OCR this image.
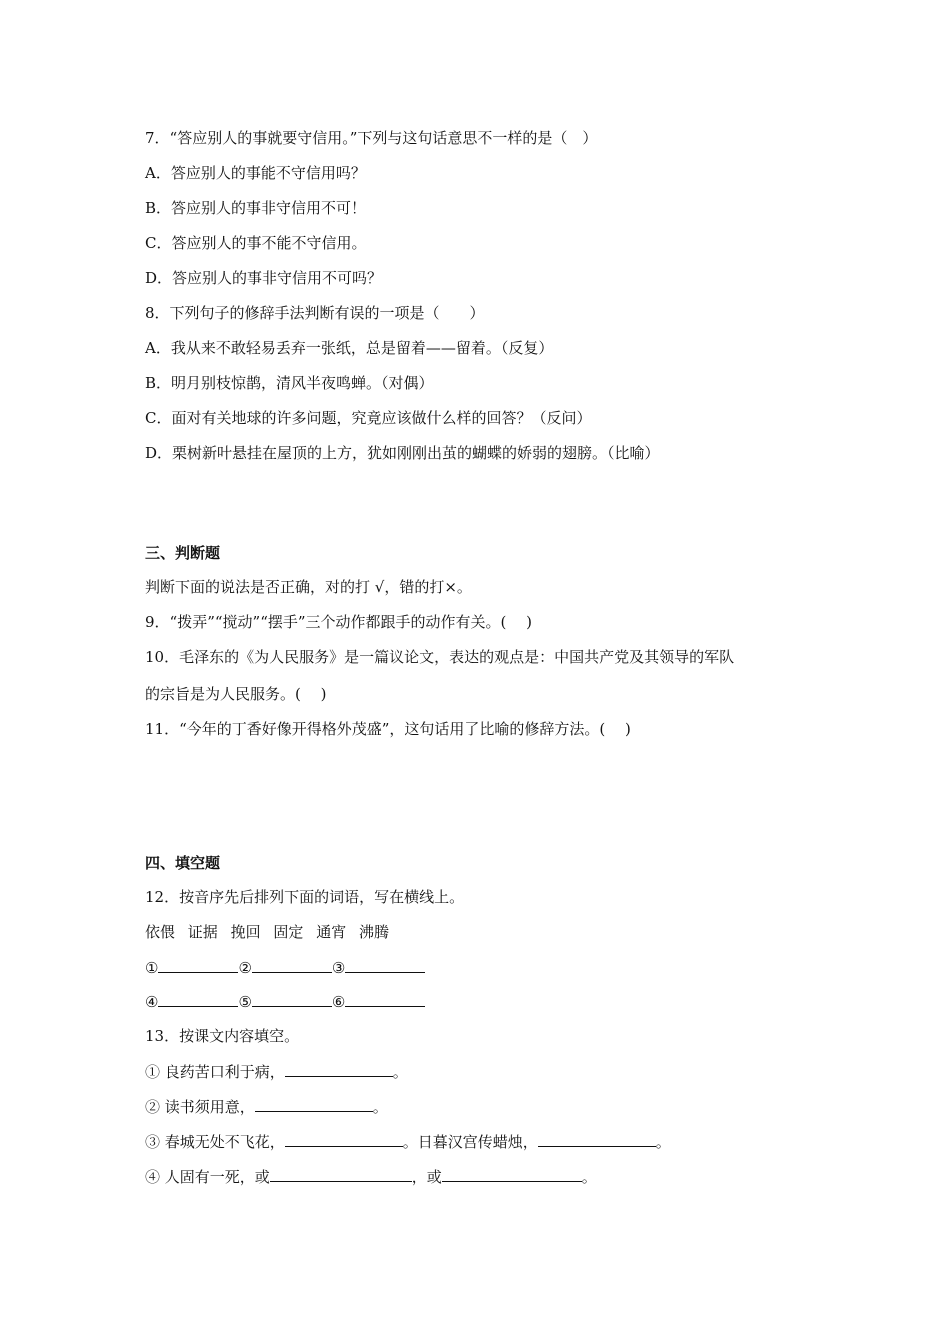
7．“答应别人的事就要守信用。”下列与这句话意思不一样的是（　）
A．答应别人的事能不守信用吗？
B．答应别人的事非守信用不可！
C．答应别人的事不能不守信用。
D．答应别人的事非守信用不可吗？
8．下列句子的修辞手法判断有误的一项是（　　）
A．我从来不敢轻易丢弃一张纸，总是留着——留着。（反复）
B．明月别枝惊鹊，清风半夜鸣蝉。（对偶）
C．面对有关地球的许多问题，究竟应该做什么样的回答？（反问）
D．栗树新叶悬挂在屋顶的上方，犹如刚刚出茧的蝴蝶的娇弱的翅膀。（比喻）
三、判断题
判断下面的说法是否正确，对的打 √，错的打×。
9．“拨弄”“搅动”“摆手”三个动作都跟手的动作有关。(　 )
10．毛泽东的《为人民服务》是一篇议论文，表达的观点是：中国共产党及其领导的军队
的宗旨是为人民服务。(　 )
11．“今年的丁香好像开得格外茂盛”，这句话用了比喻的修辞方法。(　 )
四、填空题
12．按音序先后排列下面的词语，写在横线上。
依偎 证据 挽回 固定 通宵 沸腾
①	②	③
④	⑤	⑥
13．按课文内容填空。
① 良药苦口利于病，	。
② 读书须用意，	。
③ 春城无处不飞花，	。日暮汉宫传蜡烛，	。
④ 人固有一死，或	，或	。
